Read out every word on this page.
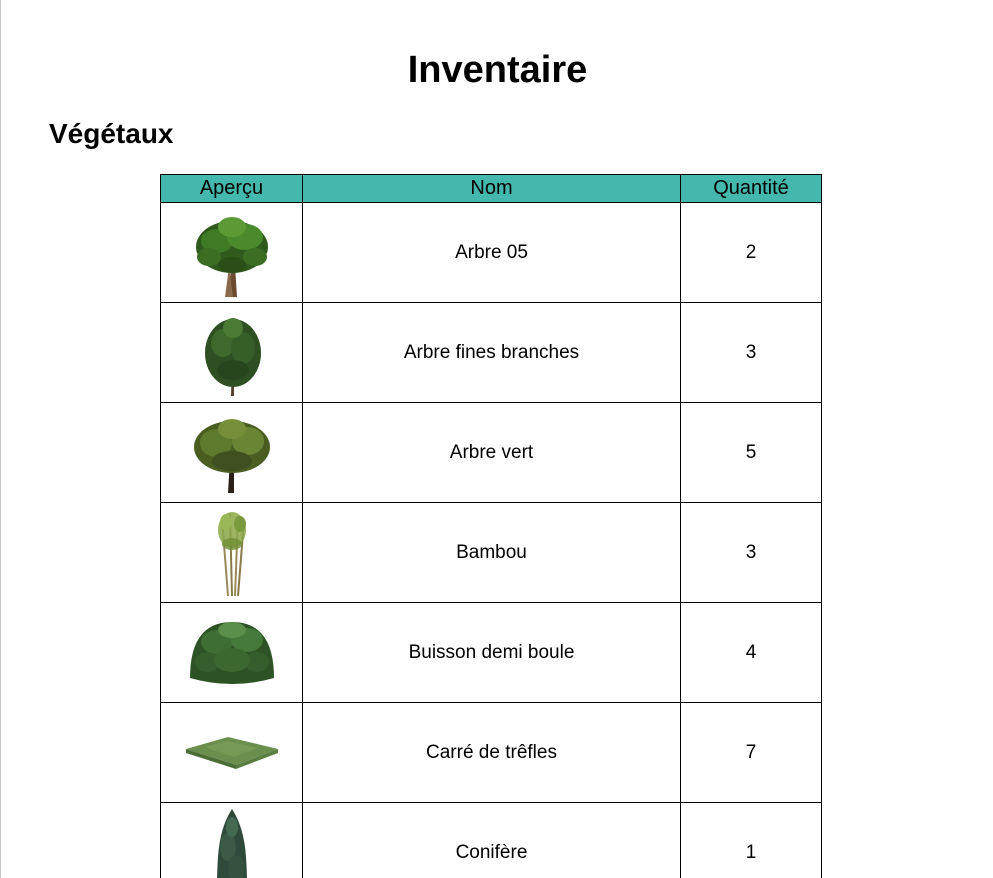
Inventaire
Végétaux
Aperçu	Nom	Quantité

	Arbre 05	2

	Arbre fines branches	3

	Arbre vert	5

	Bambou	3

	Buisson demi boule	4

	Carré de trêfles	7

	Conifère	1
